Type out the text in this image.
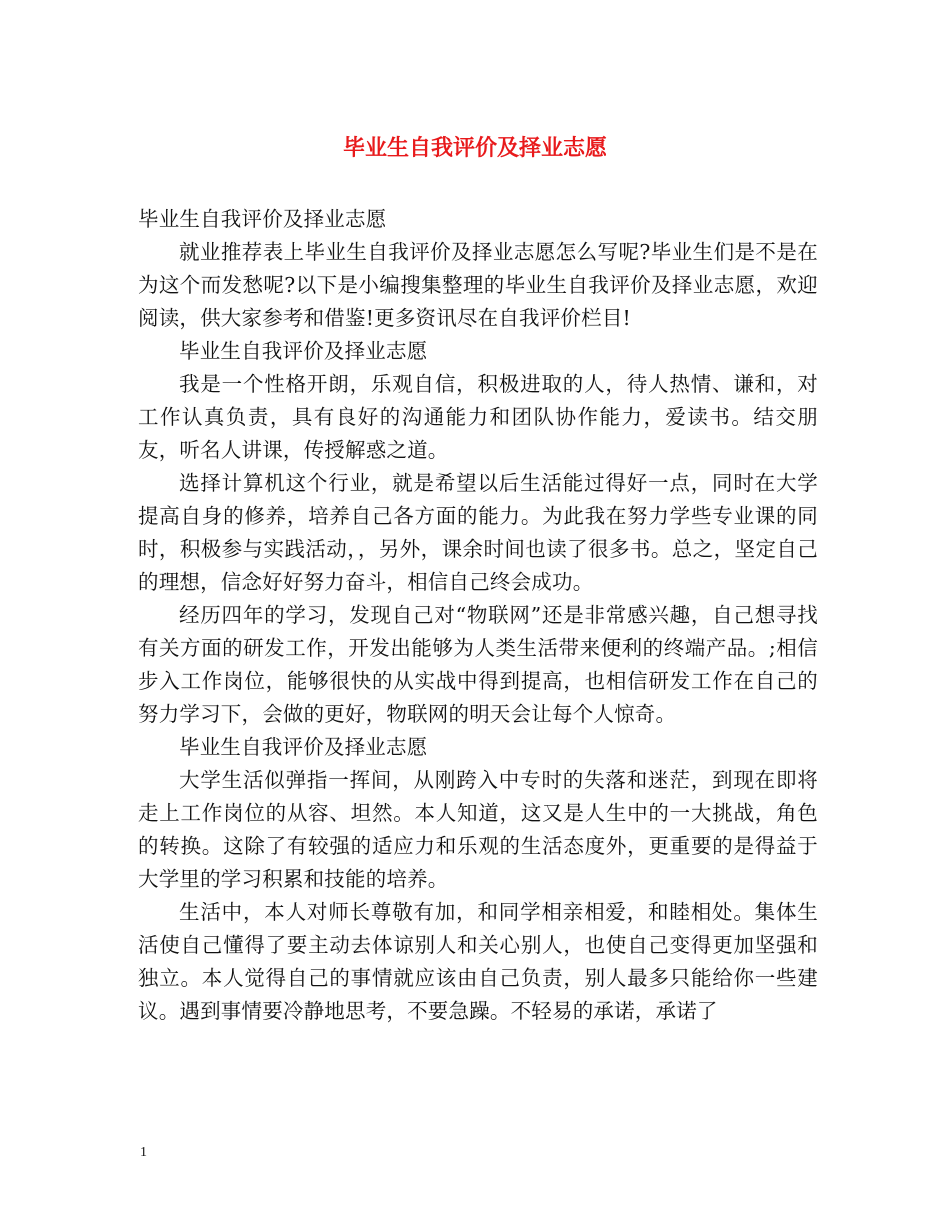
毕业生自我评价及择业志愿

毕业生自我评价及择业志愿

就业推荐表上毕业生自我评价及择业志愿怎么写呢?毕业生们是不是在为这个而发愁呢?以下是小编搜集整理的毕业生自我评价及择业志愿，欢迎阅读，供大家参考和借鉴!更多资讯尽在自我评价栏目!

毕业生自我评价及择业志愿

我是一个性格开朗，乐观自信，积极进取的人，待人热情、谦和，对工作认真负责，具有良好的沟通能力和团队协作能力，爱读书。结交朋友，听名人讲课，传授解惑之道。

选择计算机这个行业，就是希望以后生活能过得好一点，同时在大学提高自身的修养，培养自己各方面的能力。为此我在努力学些专业课的同时，积极参与实践活动，，另外，课余时间也读了很多书。总之，坚定自己的理想，信念好好努力奋斗，相信自己终会成功。

经历四年的学习，发现自己对“物联网”还是非常感兴趣，自己想寻找有关方面的研发工作，开发出能够为人类生活带来便利的终端产品。;相信步入工作岗位，能够很快的从实战中得到提高，也相信研发工作在自己的努力学习下，会做的更好，物联网的明天会让每个人惊奇。

毕业生自我评价及择业志愿

大学生活似弹指一挥间，从刚跨入中专时的失落和迷茫，到现在即将走上工作岗位的从容、坦然。本人知道，这又是人生中的一大挑战，角色的转换。这除了有较强的适应力和乐观的生活态度外，更重要的是得益于大学里的学习积累和技能的培养。

生活中，本人对师长尊敬有加，和同学相亲相爱，和睦相处。集体生活使自己懂得了要主动去体谅别人和关心别人，也使自己变得更加坚强和独立。本人觉得自己的事情就应该由自己负责，别人最多只能给你一些建议。遇到事情要冷静地思考，不要急躁。不轻易的承诺，承诺了

1
